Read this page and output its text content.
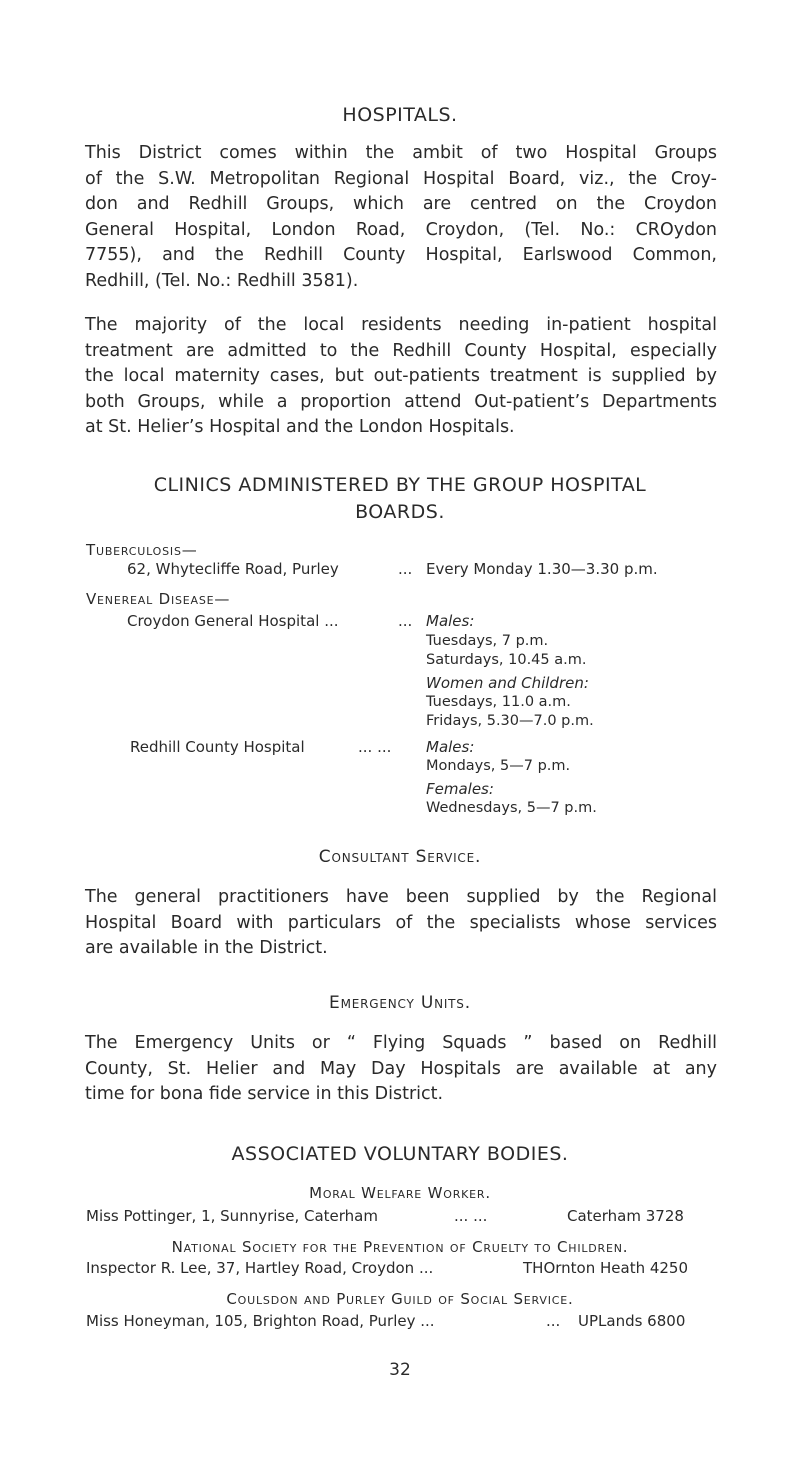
HOSPITALS.
This District comes within the ambit of two Hospital Groups
of the S.W. Metropolitan Regional Hospital Board, viz., the Croy-
don and Redhill Groups, which are centred on the Croydon
General Hospital, London Road, Croydon, (Tel. No.: CROydon
7755), and the Redhill County Hospital, Earlswood Common,
Redhill, (Tel. No.: Redhill 3581).
The majority of the local residents needing in-patient hospital
treatment are admitted to the Redhill County Hospital, especially
the local maternity cases, but out-patients treatment is supplied by
both Groups, while a proportion attend Out-patient’s Departments
at St. Helier’s Hospital and the London Hospitals.
CLINICS ADMINISTERED BY THE GROUP HOSPITAL
BOARDS.
Tuberculosis—
62, Whytecliffe Road, Purley	... Every Monday 1.30—3.30 p.m.
Venereal Disease—
Croydon General Hospital ...	... Males:
Tuesdays, 7 p.m.
Saturdays, 10.45 a.m.
Women and Children:
Tuesdays, 11.0 a.m.
Fridays, 5.30—7.0 p.m.
Redhill County Hospital	... ... Males:
Mondays, 5—7 p.m.
Females:
Wednesdays, 5—7 p.m.
Consultant Service.
The general practitioners have been supplied by the Regional
Hospital Board with particulars of the specialists whose services
are available in the District.
Emergency Units.
The Emergency Units or “ Flying Squads ” based on Redhill
County, St. Helier and May Day Hospitals are available at any
time for bona fide service in this District.
ASSOCIATED VOLUNTARY BODIES.
Moral Welfare Worker.
Miss Pottinger, 1, Sunnyrise, Caterham	... ...	Caterham 3728
National Society for the Prevention of Cruelty to Children.
Inspector R. Lee, 37, Hartley Road, Croydon ...	THOrnton Heath 4250
Coulsdon and Purley Guild of Social Service.
Miss Honeyman, 105, Brighton Road, Purley ...	... UPLands 6800
32
